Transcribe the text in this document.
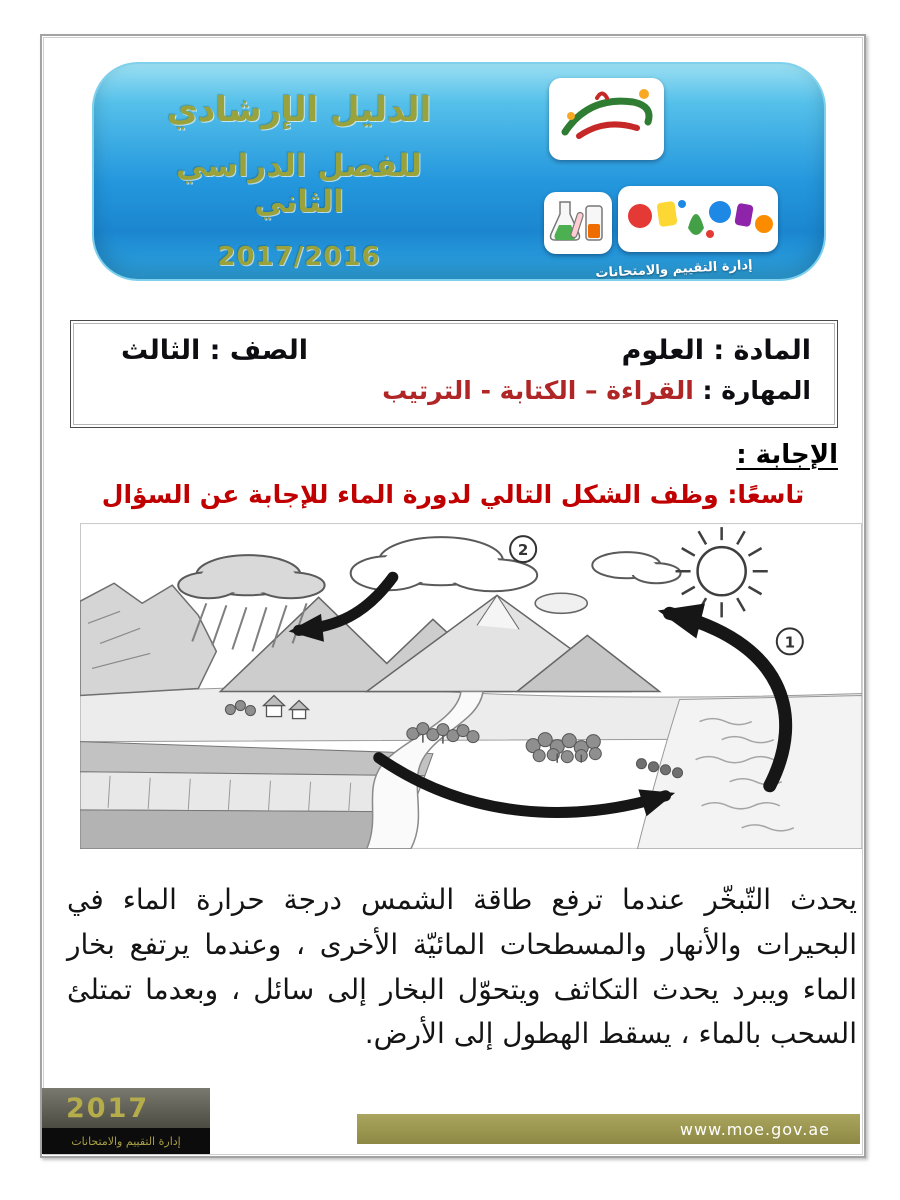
الدليل الإرشادي
للفصل الدراسي الثاني
2017/2016	إدارة التقييم والامتحانات
المادة : العلوم
الصف : الثالث
المهارة : القراءة – الكتابة - الترتيب
الإجابة :
تاسعًا: وظف الشكل التالي لدورة الماء للإجابة عن السؤال
2
1

يحدث التّبخّر عندما ترفع طاقة الشمس درجة حرارة الماء في البحيرات والأنهار والمسطحات المائيّة الأخرى ، وعندما يرتفع بخار الماء ويبرد يحدث التكاثف ويتحوّل البخار إلى سائل ، وبعدما تمتلئ السحب بالماء ، يسقط الهطول إلى الأرض.

2017
إدارة التقييم والامتحانات
www.moe.gov.ae
